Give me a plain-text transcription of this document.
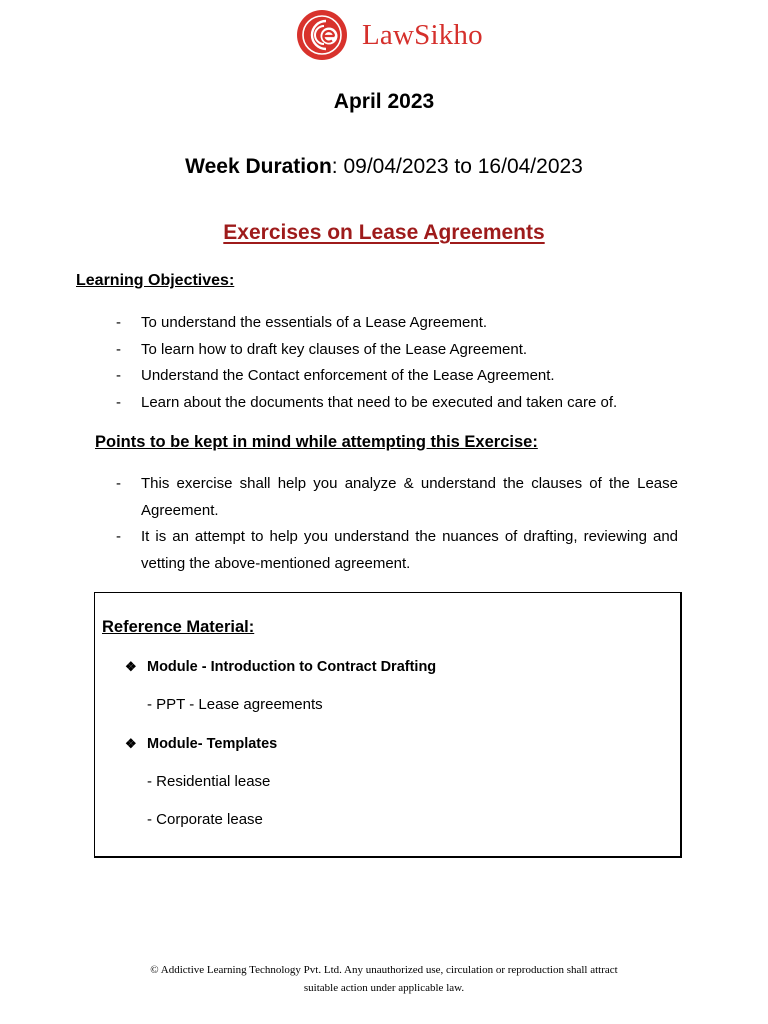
LawSikho
April 2023
Week Duration: 09/04/2023 to 16/04/2023
Exercises on Lease Agreements
Learning Objectives:
- To understand the essentials of a Lease Agreement.
- To learn how to draft key clauses of the Lease Agreement.
- Understand the Contact enforcement of the Lease Agreement.
- Learn about the documents that need to be executed and taken care of.
Points to be kept in mind while attempting this Exercise:
- This exercise shall help you analyze & understand the clauses of the Lease Agreement.
- It is an attempt to help you understand the nuances of drafting, reviewing and vetting the above-mentioned agreement.
Reference Material:
❖ Module - Introduction to Contract Drafting
- PPT - Lease agreements
❖ Module- Templates
- Residential lease
- Corporate lease
© Addictive Learning Technology Pvt. Ltd. Any unauthorized use, circulation or reproduction shall attract
suitable action under applicable law.
